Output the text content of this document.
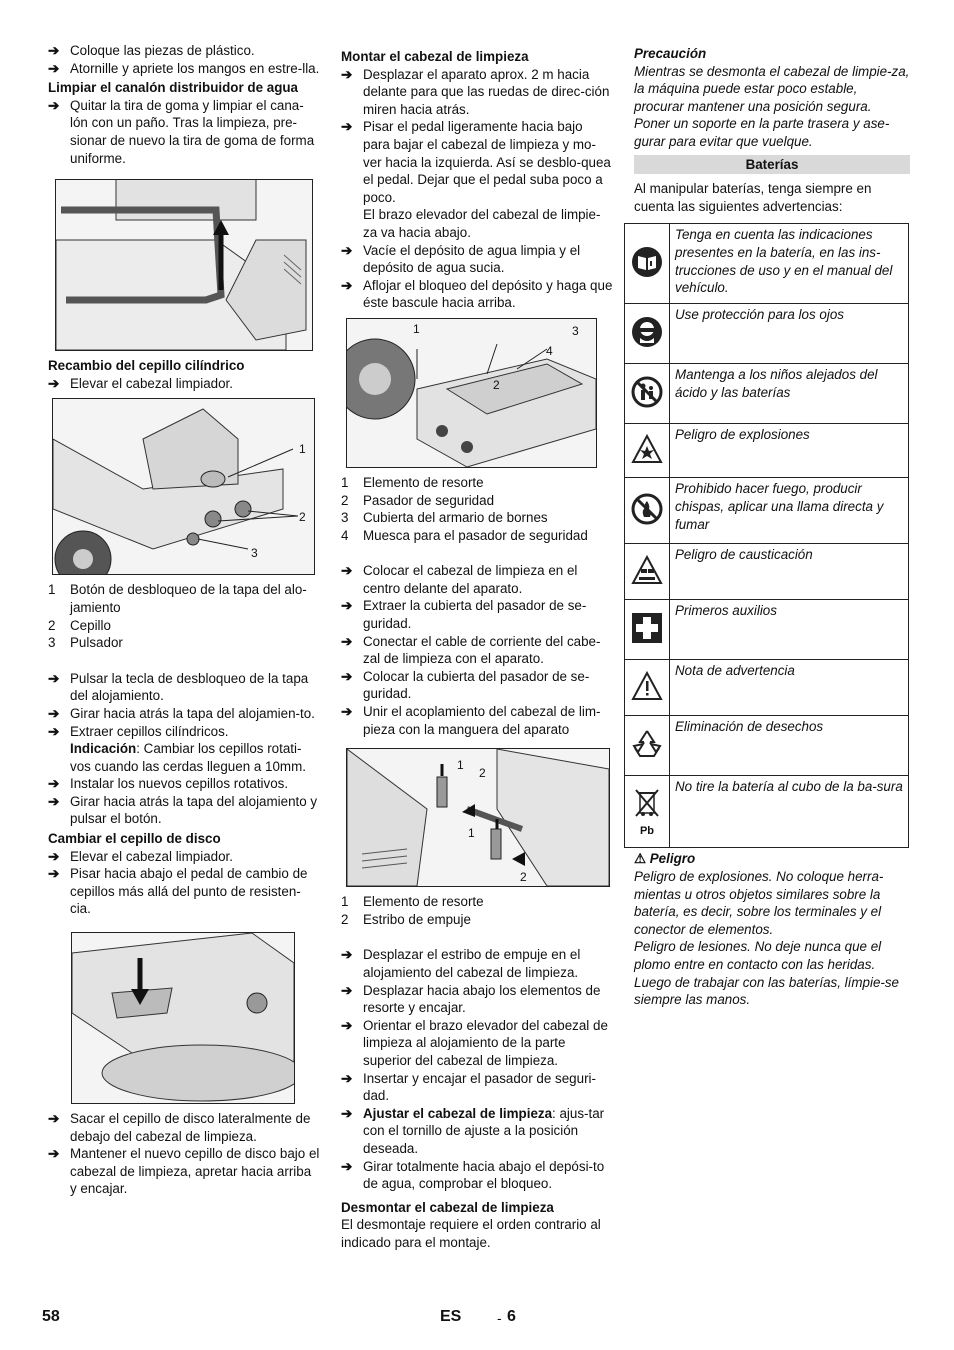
➔ Coloque las piezas de plástico.

➔ Atornille y apriete los mangos en estre-lla.

Limpiar el canalón distribuidor de agua

➔ Quitar la tira de goma y limpiar el cana-lón con un paño. Tras la limpieza, pre-sionar de nuevo la tira de goma de forma uniforme.

Recambio del cepillo cilíndrico

➔ Elevar el cabezal limpiador.

1
2
3

1 Botón de desbloqueo de la tapa del alo-jamiento

2 Cepillo

3 Pulsador

➔ Pulsar la tecla de desbloqueo de la tapa del alojamiento.

➔ Girar hacia atrás la tapa del alojamien-to.

➔ Extraer cepillos cilíndricos.

Indicación: Cambiar los cepillos rotati-vos cuando las cerdas lleguen a 10mm.

➔ Instalar los nuevos cepillos rotativos.

➔ Girar hacia atrás la tapa del alojamiento y pulsar el botón.

Cambiar el cepillo de disco

➔ Elevar el cabezal limpiador.

➔ Pisar hacia abajo el pedal de cambio de cepillos más allá del punto de resisten-cia.

➔ Sacar el cepillo de disco lateralmente de debajo del cabezal de limpieza.

➔ Mantener el nuevo cepillo de disco bajo el cabezal de limpieza, apretar hacia arriba y encajar.

Montar el cabezal de limpieza

➔ Desplazar el aparato aprox. 2 m hacia delante para que las ruedas de direc-ción miren hacia atrás.

➔ Pisar el pedal ligeramente hacia bajo para bajar el cabezal de limpieza y mo-ver hacia la izquierda. Así se desblo-quea el pedal. Dejar que el pedal suba poco a poco.

El brazo elevador del cabezal de limpie-za va hacia abajo.

➔ Vacíe el depósito de agua limpia y el depósito de agua sucia.

➔ Aflojar el bloqueo del depósito y haga que éste bascule hacia arriba.

1
2
3
4

1 Elemento de resorte

2 Pasador de seguridad

3 Cubierta del armario de bornes

4 Muesca para el pasador de seguridad

➔ Colocar el cabezal de limpieza en el centro delante del aparato.

➔ Extraer la cubierta del pasador de se-guridad.

➔ Conectar el cable de corriente del cabe-zal de limpieza con el aparato.

➔ Colocar la cubierta del pasador de se-guridad.

➔ Unir el acoplamiento del cabezal de lim-pieza con la manguera del aparato

1
2
1
2

1 Elemento de resorte

2 Estribo de empuje

➔ Desplazar el estribo de empuje en el alojamiento del cabezal de limpieza.

➔ Desplazar hacia abajo los elementos de resorte y encajar.

➔ Orientar el brazo elevador del cabezal de limpieza al alojamiento de la parte superior del cabezal de limpieza.

➔ Insertar y encajar el pasador de seguri-dad.

➔ Ajustar el cabezal de limpieza: ajus-tar con el tornillo de ajuste a la posición deseada.

➔ Girar totalmente hacia abajo el depósi-to de agua, comprobar el bloqueo.

Desmontar el cabezal de limpieza

El desmontaje requiere el orden contrario al indicado para el montaje.

Precaución

Mientras se desmonta el cabezal de limpie-za, la máquina puede estar poco estable, procurar mantener una posición segura. Poner un soporte en la parte trasera y ase-gurar para evitar que vuelque.

Baterías

Al manipular baterías, tenga siempre en cuenta las siguientes advertencias:

	Tenga en cuenta las indicaciones presentes en la batería, en las ins-trucciones de uso y en el manual del vehículo.
	Use protección para los ojos
	Mantenga a los niños alejados del ácido y las baterías
	Peligro de explosiones
	Prohibido hacer fuego, producir chispas, aplicar una llama directa y fumar
	Peligro de causticación
	Primeros auxilios
	Nota de advertencia
	Eliminación de desechos

Pb	No tire la batería al cubo de la ba-sura

⚠ Peligro

Peligro de explosiones. No coloque herra-mientas u otros objetos similares sobre la batería, es decir, sobre los terminales y el conector de elementos.

Peligro de lesiones. No deje nunca que el plomo entre en contacto con las heridas. Luego de trabajar con las baterías, límpie-se siempre las manos.

58	ES	- 6
